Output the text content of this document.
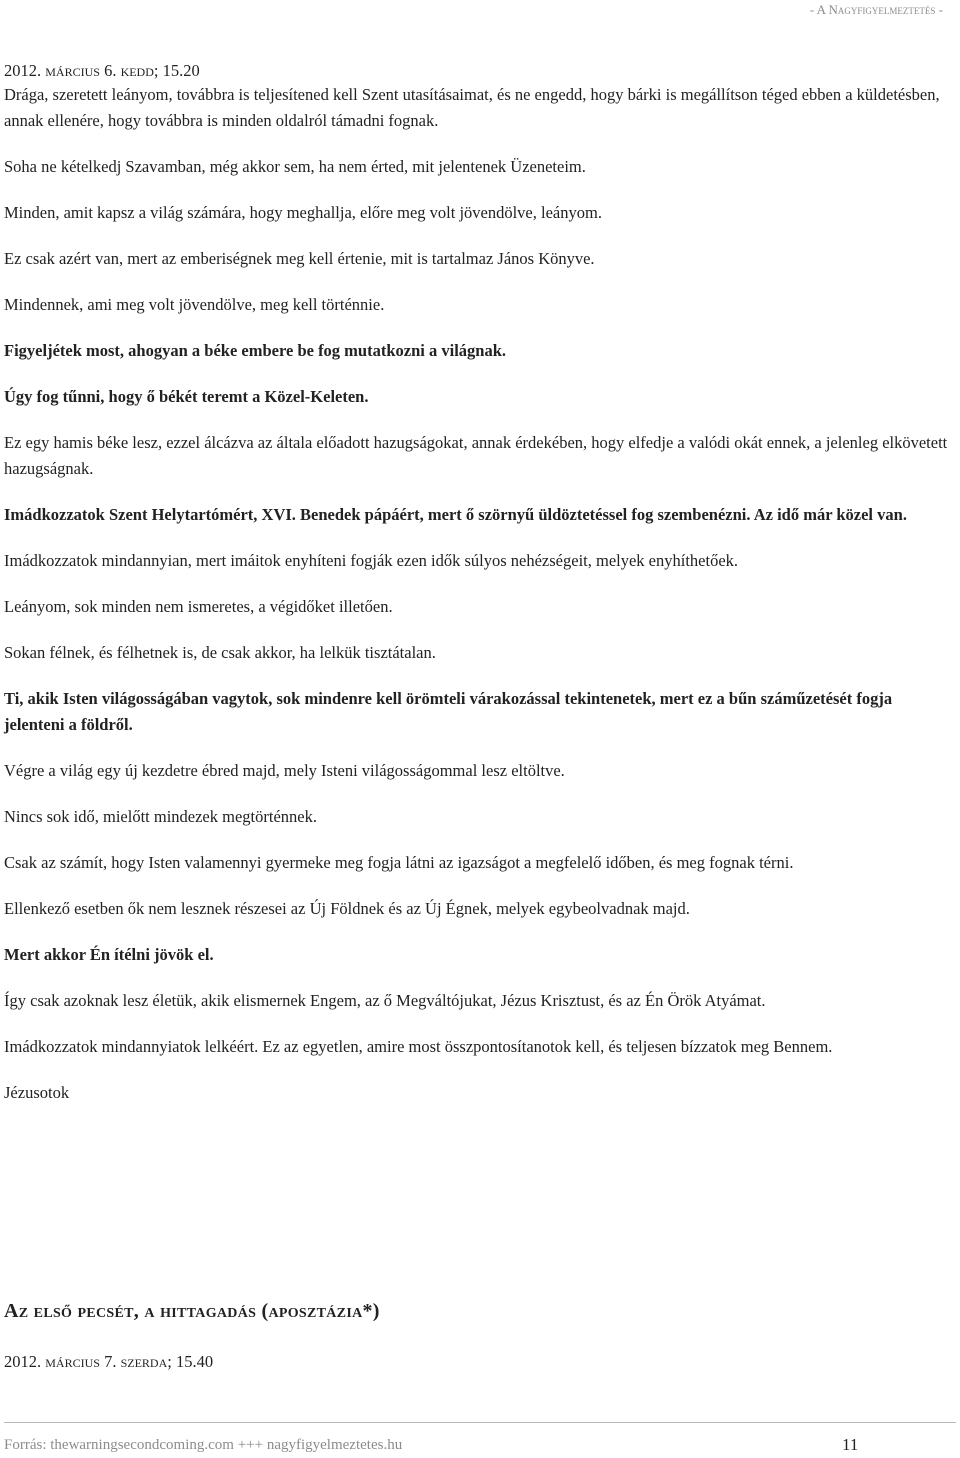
- A Nagyfigyelmeztetés -
2012. március 6. kedd; 15.20

Drága, szeretett leányom, továbbra is teljesítened kell Szent utasításaimat, és ne engedd, hogy bárki is megállítson téged ebben a küldetésben, annak ellenére, hogy továbbra is minden oldalról támadni fognak.

Soha ne kételkedj Szavamban, még akkor sem, ha nem érted, mit jelentenek Üzeneteim.

Minden, amit kapsz a világ számára, hogy meghallja, előre meg volt jövendölve, leányom.

Ez csak azért van, mert az emberiségnek meg kell értenie, mit is tartalmaz János Könyve.

Mindennek, ami meg volt jövendölve, meg kell történnie.

Figyeljétek most, ahogyan a béke embere be fog mutatkozni a világnak.

Úgy fog tűnni, hogy ő békét teremt a Közel-Keleten.

Ez egy hamis béke lesz, ezzel álcázva az általa előadott hazugságokat, annak érdekében, hogy elfedje a valódi okát ennek, a jelenleg elkövetett hazugságnak.

Imádkozzatok Szent Helytartómért, XVI. Benedek pápáért, mert ő szörnyű üldöztetéssel fog szembenézni. Az idő már közel van.

Imádkozzatok mindannyian, mert imáitok enyhíteni fogják ezen idők súlyos nehézségeit, melyek enyhíthetőek.

Leányom, sok minden nem ismeretes, a végidőket illetően.

Sokan félnek, és félhetnek is, de csak akkor, ha lelkük tisztátalan.

Ti, akik Isten világosságában vagytok, sok mindenre kell örömteli várakozással tekintenetek, mert ez a bűn száműzetését fogja jelenteni a földről.

Végre a világ egy új kezdetre ébred majd, mely Isteni világosságommal lesz eltöltve.

Nincs sok idő, mielőtt mindezek megtörténnek.

Csak az számít, hogy Isten valamennyi gyermeke meg fogja látni az igazságot a megfelelő időben, és meg fognak térni.

Ellenkező esetben ők nem lesznek részesei az Új Földnek és az Új Égnek, melyek egybeolvadnak majd.

Mert akkor Én ítélni jövök el.

Így csak azoknak lesz életük, akik elismernek Engem, az ő Megváltójukat, Jézus Krisztust, és az Én Örök Atyámat.

Imádkozzatok mindannyiatok lelkéért. Ez az egyetlen, amire most összpontosítanotok kell, és teljesen bízzatok meg Bennem.

Jézusotok

Az első pecsét, a hittagadás (aposztázia*)
2012. március 7. szerda; 15.40
Forrás: thewarningsecondcoming.com +++ nagyfigyelmeztetes.hu	11
